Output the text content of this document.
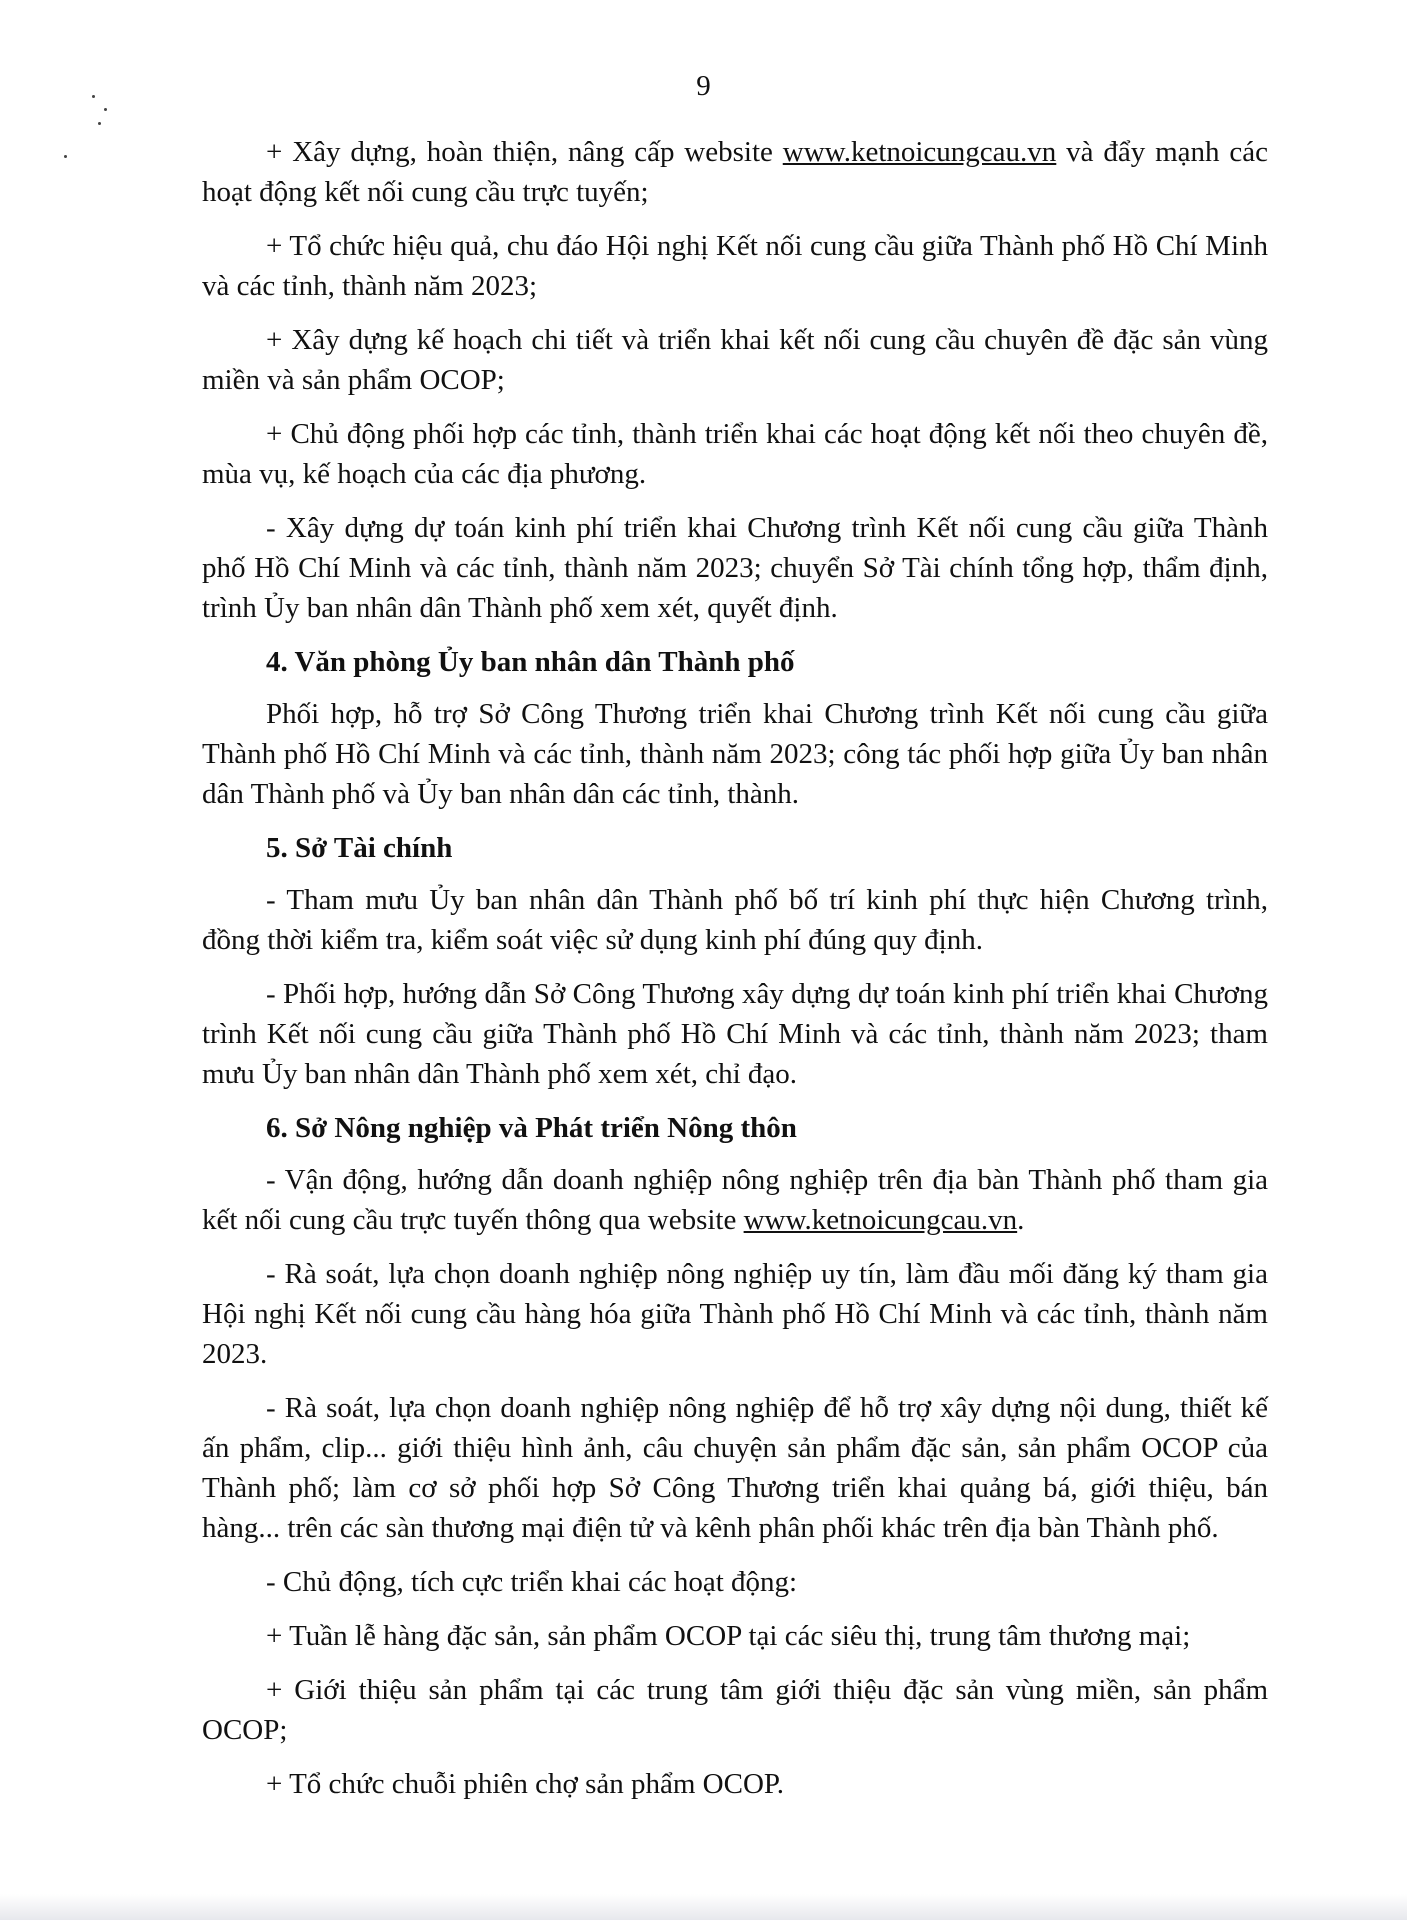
9

+ Xây dựng, hoàn thiện, nâng cấp website www.ketnoicungcau.vn và đẩy mạnh các hoạt động kết nối cung cầu trực tuyến;

+ Tổ chức hiệu quả, chu đáo Hội nghị Kết nối cung cầu giữa Thành phố Hồ Chí Minh và các tỉnh, thành năm 2023;

+ Xây dựng kế hoạch chi tiết và triển khai kết nối cung cầu chuyên đề đặc sản vùng miền và sản phẩm OCOP;

+ Chủ động phối hợp các tỉnh, thành triển khai các hoạt động kết nối theo chuyên đề, mùa vụ, kế hoạch của các địa phương.

- Xây dựng dự toán kinh phí triển khai Chương trình Kết nối cung cầu giữa Thành phố Hồ Chí Minh và các tỉnh, thành năm 2023; chuyển Sở Tài chính tổng hợp, thẩm định, trình Ủy ban nhân dân Thành phố xem xét, quyết định.

4. Văn phòng Ủy ban nhân dân Thành phố

Phối hợp, hỗ trợ Sở Công Thương triển khai Chương trình Kết nối cung cầu giữa Thành phố Hồ Chí Minh và các tỉnh, thành năm 2023; công tác phối hợp giữa Ủy ban nhân dân Thành phố và Ủy ban nhân dân các tỉnh, thành.

5. Sở Tài chính

- Tham mưu Ủy ban nhân dân Thành phố bố trí kinh phí thực hiện Chương trình, đồng thời kiểm tra, kiểm soát việc sử dụng kinh phí đúng quy định.

- Phối hợp, hướng dẫn Sở Công Thương xây dựng dự toán kinh phí triển khai Chương trình Kết nối cung cầu giữa Thành phố Hồ Chí Minh và các tỉnh, thành năm 2023; tham mưu Ủy ban nhân dân Thành phố xem xét, chỉ đạo.

6. Sở Nông nghiệp và Phát triển Nông thôn

- Vận động, hướng dẫn doanh nghiệp nông nghiệp trên địa bàn Thành phố tham gia kết nối cung cầu trực tuyến thông qua website www.ketnoicungcau.vn.

- Rà soát, lựa chọn doanh nghiệp nông nghiệp uy tín, làm đầu mối đăng ký tham gia Hội nghị Kết nối cung cầu hàng hóa giữa Thành phố Hồ Chí Minh và các tỉnh, thành năm 2023.

- Rà soát, lựa chọn doanh nghiệp nông nghiệp để hỗ trợ xây dựng nội dung, thiết kế ấn phẩm, clip... giới thiệu hình ảnh, câu chuyện sản phẩm đặc sản, sản phẩm OCOP của Thành phố; làm cơ sở phối hợp Sở Công Thương triển khai quảng bá, giới thiệu, bán hàng... trên các sàn thương mại điện tử và kênh phân phối khác trên địa bàn Thành phố.

- Chủ động, tích cực triển khai các hoạt động:

+ Tuần lễ hàng đặc sản, sản phẩm OCOP tại các siêu thị, trung tâm thương mại;

+ Giới thiệu sản phẩm tại các trung tâm giới thiệu đặc sản vùng miền, sản phẩm OCOP;

+ Tổ chức chuỗi phiên chợ sản phẩm OCOP.
